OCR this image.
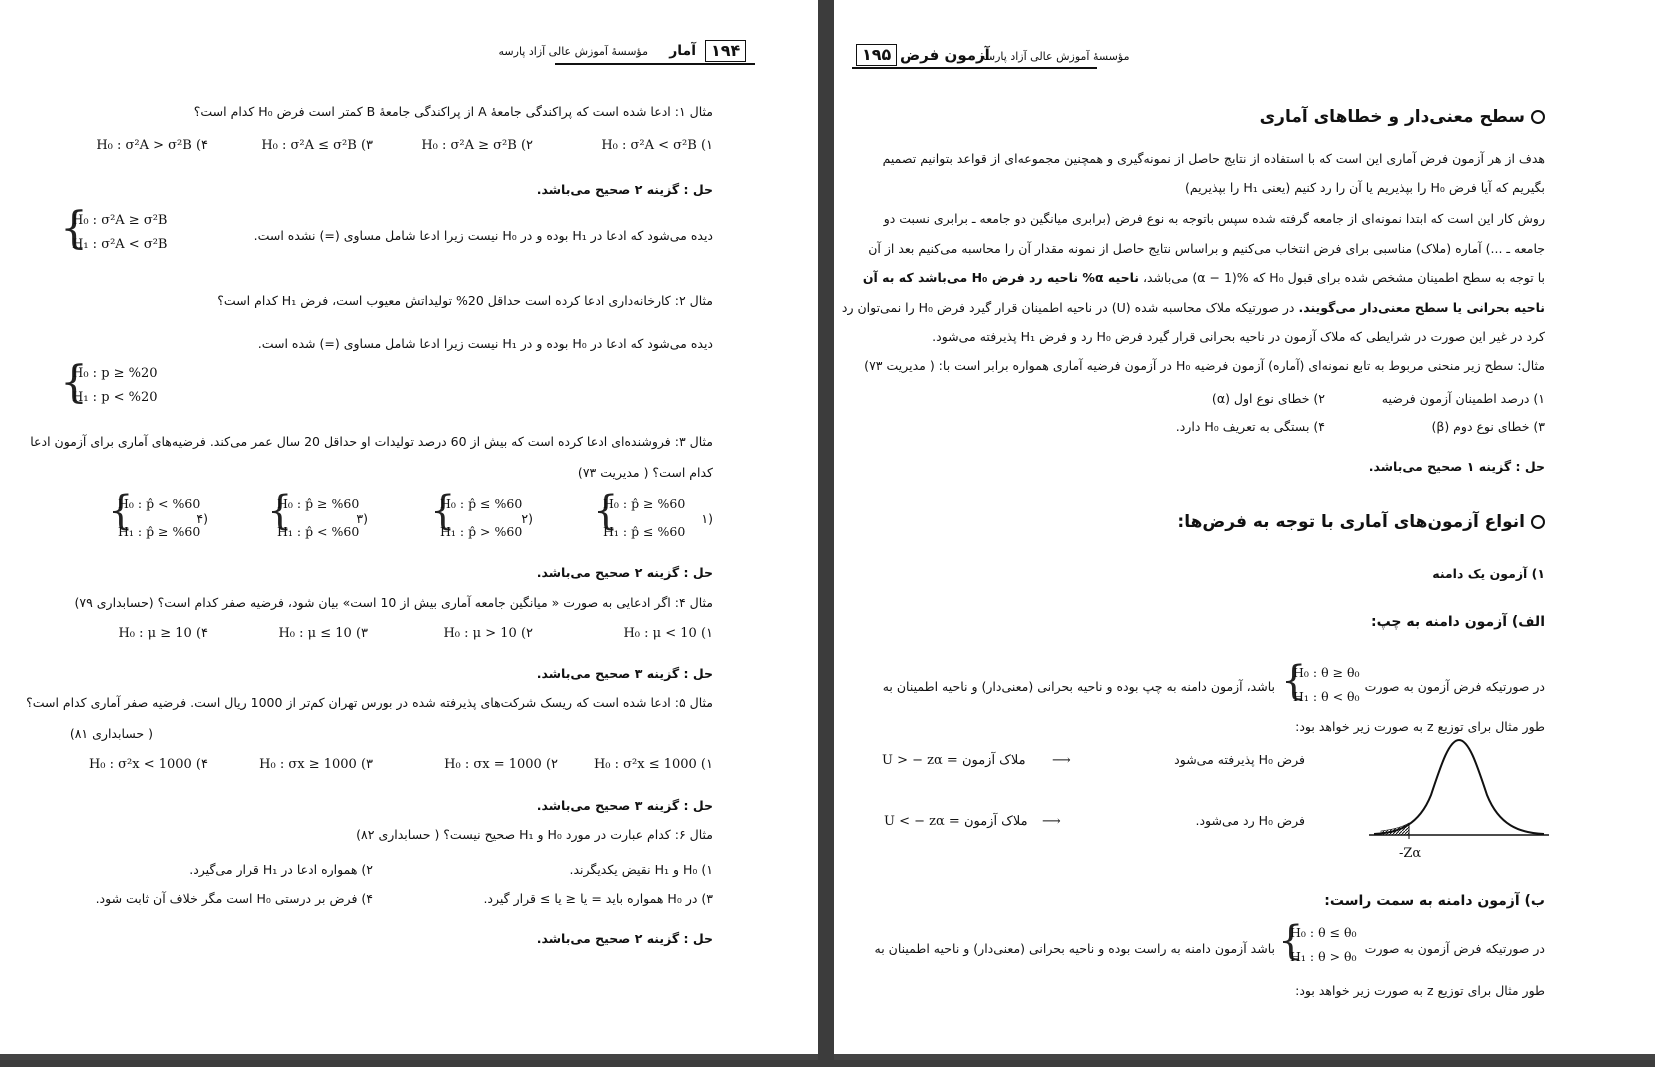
۱۹۴
آمار
مؤسسهٔ آموزش عالی آزاد پارسه
مثال ۱: ادعا شده است که پراکندگی جامعهٔ A از پراکندگی جامعهٔ B کمتر است فرض H₀ کدام است؟
H₀ : σ²A < σ²B (۱
H₀ : σ²A ≥ σ²B (۲
H₀ : σ²A ≤ σ²B (۳
H₀ : σ²A > σ²B (۴
حل : گزینه ۲ صحیح می‌باشد.
دیده می‌شود که ادعا در H₁ بوده و در H₀ نیست زیرا ادعا شامل مساوی (=) نشده است.
{
H₀ : σ²A ≥ σ²B
H₁ : σ²A < σ²B
مثال ۲: کارخانه‌داری ادعا کرده است حداقل 20% تولیداتش معیوب است، فرض H₁ کدام است؟
دیده می‌شود که ادعا در H₀ بوده و در H₁ نیست زیرا ادعا شامل مساوی (=) شده است.
{
H₀ : p ≥ %20
H₁ : p < %20
مثال ۳: فروشنده‌ای ادعا کرده است که بیش از 60 درصد تولیدات او حداقل 20 سال عمر می‌کند. فرضیه‌های آماری برای آزمون ادعا
کدام است؟ ( مدیریت ۷۳)
(۱
{
H₀ : p̂ ≥ %60
H₁ : p̂ ≤ %60
(۲
{
H₀ : p̂ ≤ %60
H₁ : p̂ > %60
(۳
{
H₀ : p̂ ≥ %60
H₁ : p̂ < %60
(۴
{
H₀ : p̂ < %60
H₁ : p̂ ≥ %60
حل : گزینه ۲ صحیح می‌باشد.
مثال ۴: اگر ادعایی به صورت « میانگین جامعه آماری بیش از 10 است» بیان شود، فرضیه صفر کدام است؟ (حسابداری ۷۹)
H₀ : μ < 10 (۱
H₀ : μ > 10 (۲
H₀ : μ ≤ 10 (۳
H₀ : μ ≥ 10 (۴
حل : گزینه ۳ صحیح می‌باشد.
مثال ۵: ادعا شده است که ریسک شرکت‌های پذیرفته شده در بورس تهران کم‌تر از 1000 ریال است. فرضیه صفر آماری کدام است؟
( حسابداری ۸۱)
H₀ : σ²x ≤ 1000 (۱
H₀ : σx = 1000 (۲
H₀ : σx ≥ 1000 (۳
H₀ : σ²x < 1000 (۴
حل : گزینه ۳ صحیح می‌باشد.
مثال ۶: کدام عبارت در مورد H₀ و H₁ صحیح نیست؟ ( حسابداری ۸۲)
۱) H₀ و H₁ نقیض یکدیگرند.
۲) همواره ادعا در H₁ قرار می‌گیرد.
۳) در H₀ همواره باید = یا ≤ یا ≥ قرار گیرد.
۴) فرض بر درستی H₀ است مگر خلاف آن ثابت شود.
حل : گزینه ۲ صحیح می‌باشد.
۱۹۵ آزمون فرض
مؤسسهٔ آموزش عالی آزاد پارسه
سطح معنی‌دار و خطاهای آماری
هدف از هر آزمون فرض آماری این است که با استفاده از نتایج حاصل از نمونه‌گیری و همچنین مجموعه‌ای از قواعد بتوانیم تصمیم
بگیریم که آیا فرض H₀ را بپذیریم یا آن را رد کنیم (یعنی H₁ را بپذیریم)
روش کار این است که ابتدا نمونه‌ای از جامعه گرفته شده سپس باتوجه به نوع فرض (برابری میانگین دو جامعه ـ برابری نسبت دو
جامعه ـ ...) آماره (ملاک) مناسبی برای فرض انتخاب می‌کنیم و براساس نتایج حاصل از نمونه مقدار آن را محاسبه می‌کنیم بعد از آن
با توجه به سطح اطمینان مشخص شده برای قبول H₀ که %(1 − α) می‌باشد، ناحیه α% ناحیه رد فرض H₀ می‌باشد که به آن
ناحیه بحرانی یا سطح معنی‌دار می‌گویند. در صورتیکه ملاک محاسبه شده (U) در ناحیه اطمینان قرار گیرد فرض H₀ را نمی‌توان رد
کرد در غیر این صورت در شرایطی که ملاک آزمون در ناحیه بحرانی قرار گیرد فرض H₀ رد و فرض H₁ پذیرفته می‌شود.
مثال: سطح زیر منحنی مربوط به تابع نمونه‌ای (آماره) آزمون فرضیه H₀ در آزمون فرضیه آماری همواره برابر است با: ( مدیریت ۷۳)
۱) درصد اطمینان آزمون فرضیه
۲) خطای نوع اول (α)
۳) خطای نوع دوم (β)
۴) بستگی به تعریف H₀ دارد.
حل : گزینه ۱ صحیح می‌باشد.
انواع آزمون‌های آماری با توجه به فرض‌ها:
۱) آزمون یک دامنه
الف) آزمون دامنه به چپ:
در صورتیکه فرض آزمون به صورت
{
H₀ : θ ≥ θ₀
H₁ : θ < θ₀
باشد، آزمون دامنه به چپ بوده و ناحیه بحرانی (معنی‌دار) و ناحیه اطمینان به
طور مثال برای توزیع z به صورت زیر خواهد بود:
فرض H₀ پذیرفته می‌شود
⟶
ملاک آزمون = U > − zα
فرض H₀ رد می‌شود.
⟶
ملاک آزمون = U < − zα
-Zα
ب) آزمون دامنه به سمت راست:
در صورتیکه فرض آزمون به صورت
{
H₀ : θ ≤ θ₀
H₁ : θ > θ₀
باشد آزمون دامنه به راست بوده و ناحیه بحرانی (معنی‌دار) و ناحیه اطمینان به
طور مثال برای توزیع z به صورت زیر خواهد بود:
